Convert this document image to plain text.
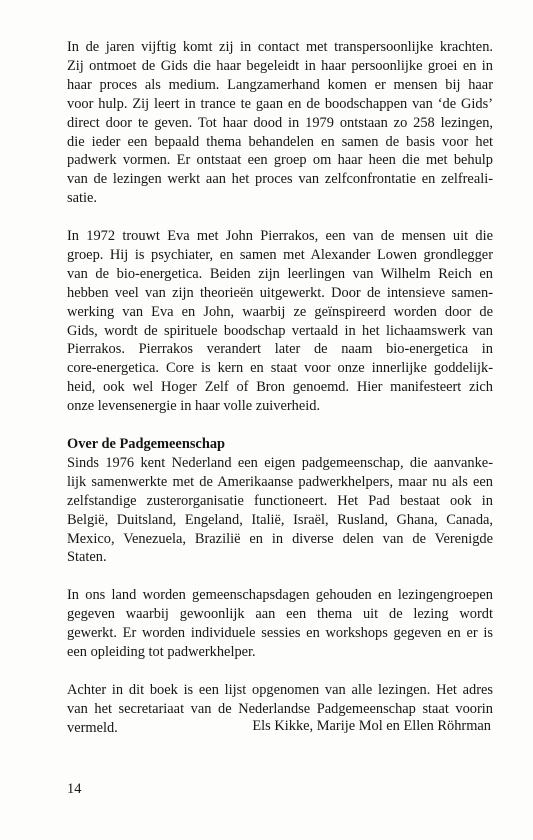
In de jaren vijftig komt zij in contact met transpersoonlijke krachten.
Zij ontmoet de Gids die haar begeleidt in haar persoonlijke groei en in
haar proces als medium. Langzamerhand komen er mensen bij haar
voor hulp. Zij leert in trance te gaan en de boodschappen van ‘de Gids’
direct door te geven. Tot haar dood in 1979 ontstaan zo 258 lezingen,
die ieder een bepaald thema behandelen en samen de basis voor het
padwerk vormen. Er ontstaat een groep om haar heen die met behulp
van de lezingen werkt aan het proces van zelfconfrontatie en zelfreali-
satie.
In 1972 trouwt Eva met John Pierrakos, een van de mensen uit die
groep. Hij is psychiater, en samen met Alexander Lowen grondlegger
van de bio-energetica. Beiden zijn leerlingen van Wilhelm Reich en
hebben veel van zijn theorieën uitgewerkt. Door de intensieve samen-
werking van Eva en John, waarbij ze geïnspireerd worden door de
Gids, wordt de spirituele boodschap vertaald in het lichaamswerk van
Pierrakos. Pierrakos verandert later de naam bio-energetica in
core-energetica. Core is kern en staat voor onze innerlijke goddelijk-
heid, ook wel Hoger Zelf of Bron genoemd. Hier manifesteert zich
onze levensenergie in haar volle zuiverheid.
Over de Padgemeenschap
Sinds 1976 kent Nederland een eigen padgemeenschap, die aanvanke-
lijk samenwerkte met de Amerikaanse padwerkhelpers, maar nu als een
zelfstandige zusterorganisatie functioneert. Het Pad bestaat ook in
België, Duitsland, Engeland, Italië, Israël, Rusland, Ghana, Canada,
Mexico, Venezuela, Brazilië en in diverse delen van de Verenigde
Staten.
In ons land worden gemeenschapsdagen gehouden en lezingengroepen
gegeven waarbij gewoonlijk aan een thema uit de lezing wordt
gewerkt. Er worden individuele sessies en workshops gegeven en er is
een opleiding tot padwerkhelper.
Achter in dit boek is een lijst opgenomen van alle lezingen. Het adres
van het secretariaat van de Nederlandse Padgemeenschap staat voorin
vermeld.	Els Kikke, Marije Mol en Ellen Röhrman
14
